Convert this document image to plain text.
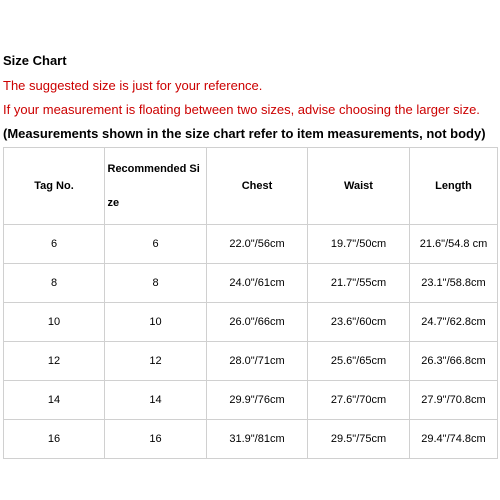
Size Chart
The suggested size is just for your reference.
If your measurement is floating between two sizes, advise choosing the larger size.
(Measurements shown in the size chart refer to item measurements, not body)
Tag No.	Recommended Size	Chest	Waist	Length
6	6	22.0"/56cm	19.7"/50cm	21.6"/54.8 cm
8	8	24.0"/61cm	21.7"/55cm	23.1"/58.8cm
10	10	26.0"/66cm	23.6"/60cm	24.7"/62.8cm
12	12	28.0"/71cm	25.6"/65cm	26.3"/66.8cm
14	14	29.9"/76cm	27.6"/70cm	27.9"/70.8cm
16	16	31.9"/81cm	29.5"/75cm	29.4"/74.8cm
